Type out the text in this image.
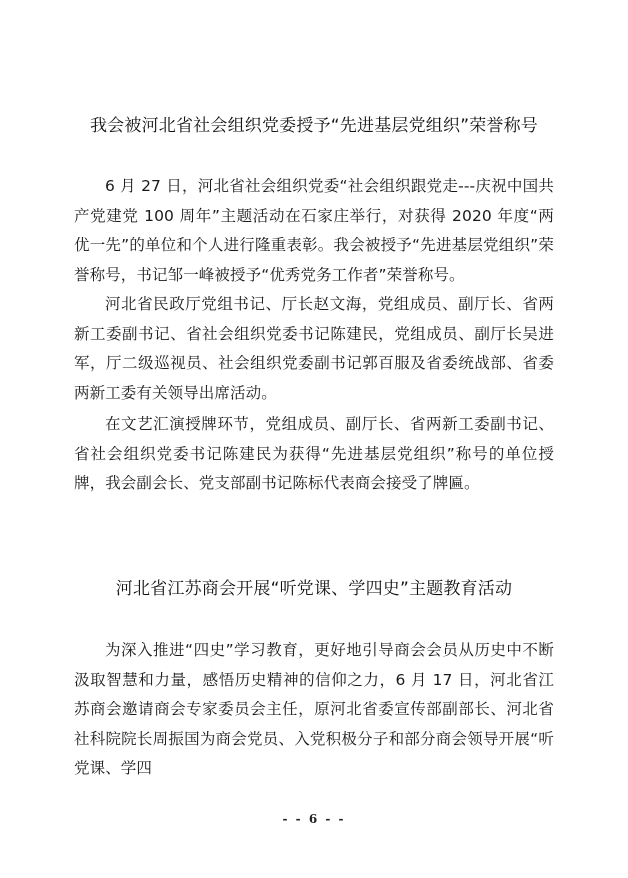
我会被河北省社会组织党委授予“先进基层党组织”荣誉称号

6 月 27 日，河北省社会组织党委“社会组织跟党走---庆祝中国共产党建党 100 周年”主题活动在石家庄举行，对获得 2020 年度“两优一先”的单位和个人进行隆重表彰。我会被授予“先进基层党组织”荣誉称号，书记邹一峰被授予“优秀党务工作者”荣誉称号。

河北省民政厅党组书记、厅长赵文海，党组成员、副厅长、省两新工委副书记、省社会组织党委书记陈建民，党组成员、副厅长吴进军，厅二级巡视员、社会组织党委副书记郭百服及省委统战部、省委两新工委有关领导出席活动。

在文艺汇演授牌环节，党组成员、副厅长、省两新工委副书记、省社会组织党委书记陈建民为获得“先进基层党组织”称号的单位授牌，我会副会长、党支部副书记陈标代表商会接受了牌匾。

河北省江苏商会开展“听党课、学四史”主题教育活动

为深入推进“四史”学习教育，更好地引导商会会员从历史中不断汲取智慧和力量，感悟历史精神的信仰之力，6 月 17 日，河北省江苏商会邀请商会专家委员会主任，原河北省委宣传部副部长、河北省社科院院长周振国为商会党员、入党积极分子和部分商会领导开展“听党课、学四

- - 6 - -
